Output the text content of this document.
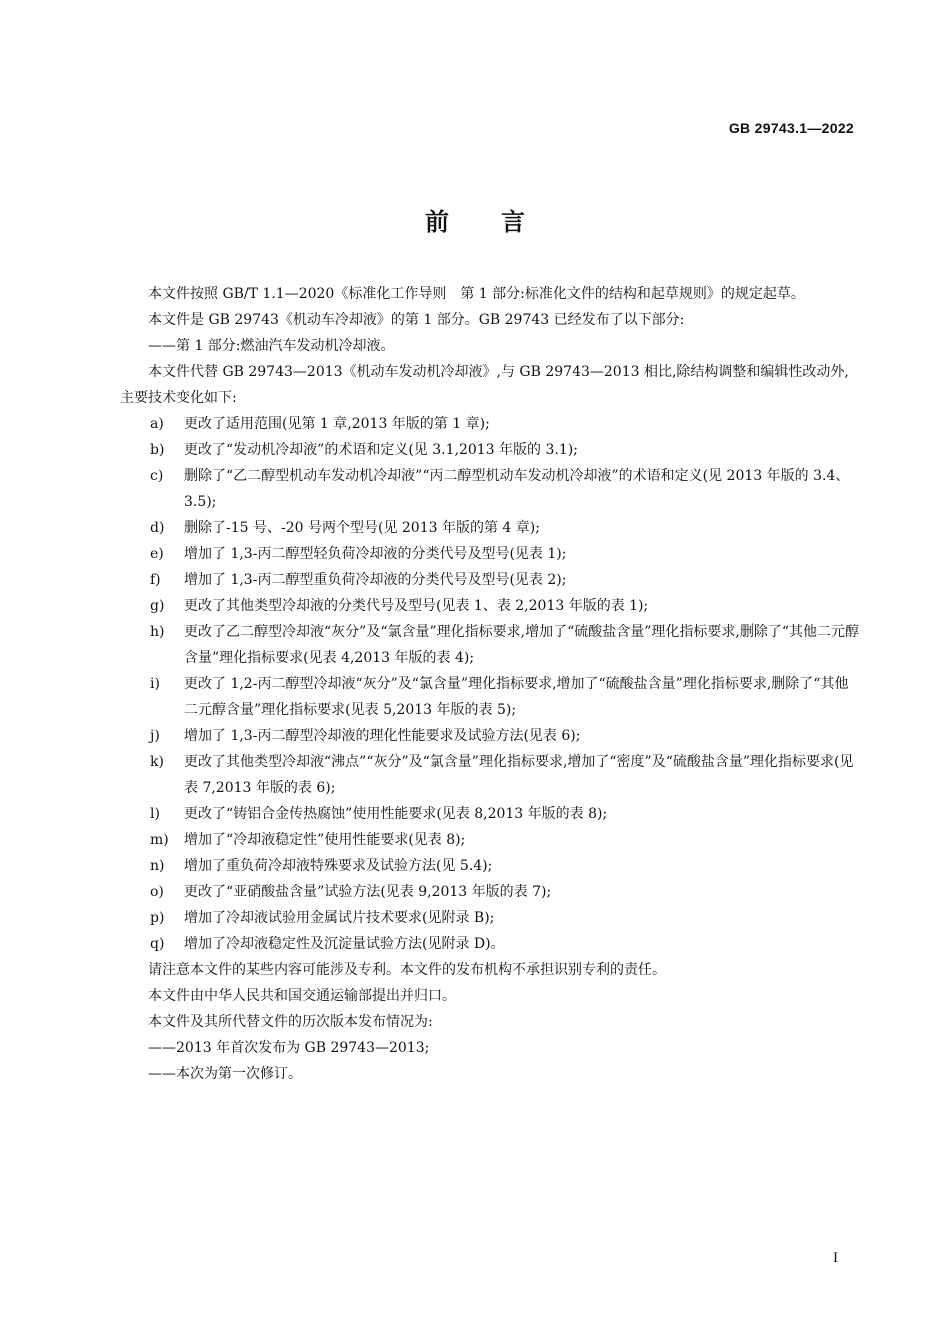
GB 29743.1—2022
前言

本文件按照 GB/T 1.1—2020《标准化工作导则　第 1 部分:标准化文件的结构和起草规则》的规定起草。

本文件是 GB 29743《机动车冷却液》的第 1 部分。GB 29743 已经发布了以下部分:

——第 1 部分:燃油汽车发动机冷却液。

本文件代替 GB 29743—2013《机动车发动机冷却液》,与 GB 29743—2013 相比,除结构调整和编辑性改动外,主要技术变化如下:

a) 更改了适用范围(见第 1 章,2013 年版的第 1 章);
b) 更改了“发动机冷却液”的术语和定义(见 3.1,2013 年版的 3.1);
c) 删除了“乙二醇型机动车发动机冷却液”“丙二醇型机动车发动机冷却液”的术语和定义(见 2013 年版的 3.4、3.5);
d) 删除了-15 号、-20 号两个型号(见 2013 年版的第 4 章);
e) 增加了 1,3-丙二醇型轻负荷冷却液的分类代号及型号(见表 1);
f) 增加了 1,3-丙二醇型重负荷冷却液的分类代号及型号(见表 2);
g) 更改了其他类型冷却液的分类代号及型号(见表 1、表 2,2013 年版的表 1);
h) 更改了乙二醇型冷却液“灰分”及“氯含量”理化指标要求,增加了“硫酸盐含量”理化指标要求,删除了“其他二元醇含量”理化指标要求(见表 4,2013 年版的表 4);
i) 更改了 1,2-丙二醇型冷却液“灰分”及“氯含量”理化指标要求,增加了“硫酸盐含量”理化指标要求,删除了“其他二元醇含量”理化指标要求(见表 5,2013 年版的表 5);
j) 增加了 1,3-丙二醇型冷却液的理化性能要求及试验方法(见表 6);
k) 更改了其他类型冷却液“沸点”“灰分”及“氯含量”理化指标要求,增加了“密度”及“硫酸盐含量”理化指标要求(见表 7,2013 年版的表 6);
l) 更改了“铸铝合金传热腐蚀”使用性能要求(见表 8,2013 年版的表 8);
m) 增加了“冷却液稳定性”使用性能要求(见表 8);
n) 增加了重负荷冷却液特殊要求及试验方法(见 5.4);
o) 更改了“亚硝酸盐含量”试验方法(见表 9,2013 年版的表 7);
p) 增加了冷却液试验用金属试片技术要求(见附录 B);
q) 增加了冷却液稳定性及沉淀量试验方法(见附录 D)。

请注意本文件的某些内容可能涉及专利。本文件的发布机构不承担识别专利的责任。

本文件由中华人民共和国交通运输部提出并归口。

本文件及其所代替文件的历次版本发布情况为:

——2013 年首次发布为 GB 29743—2013;

——本次为第一次修订。

I
